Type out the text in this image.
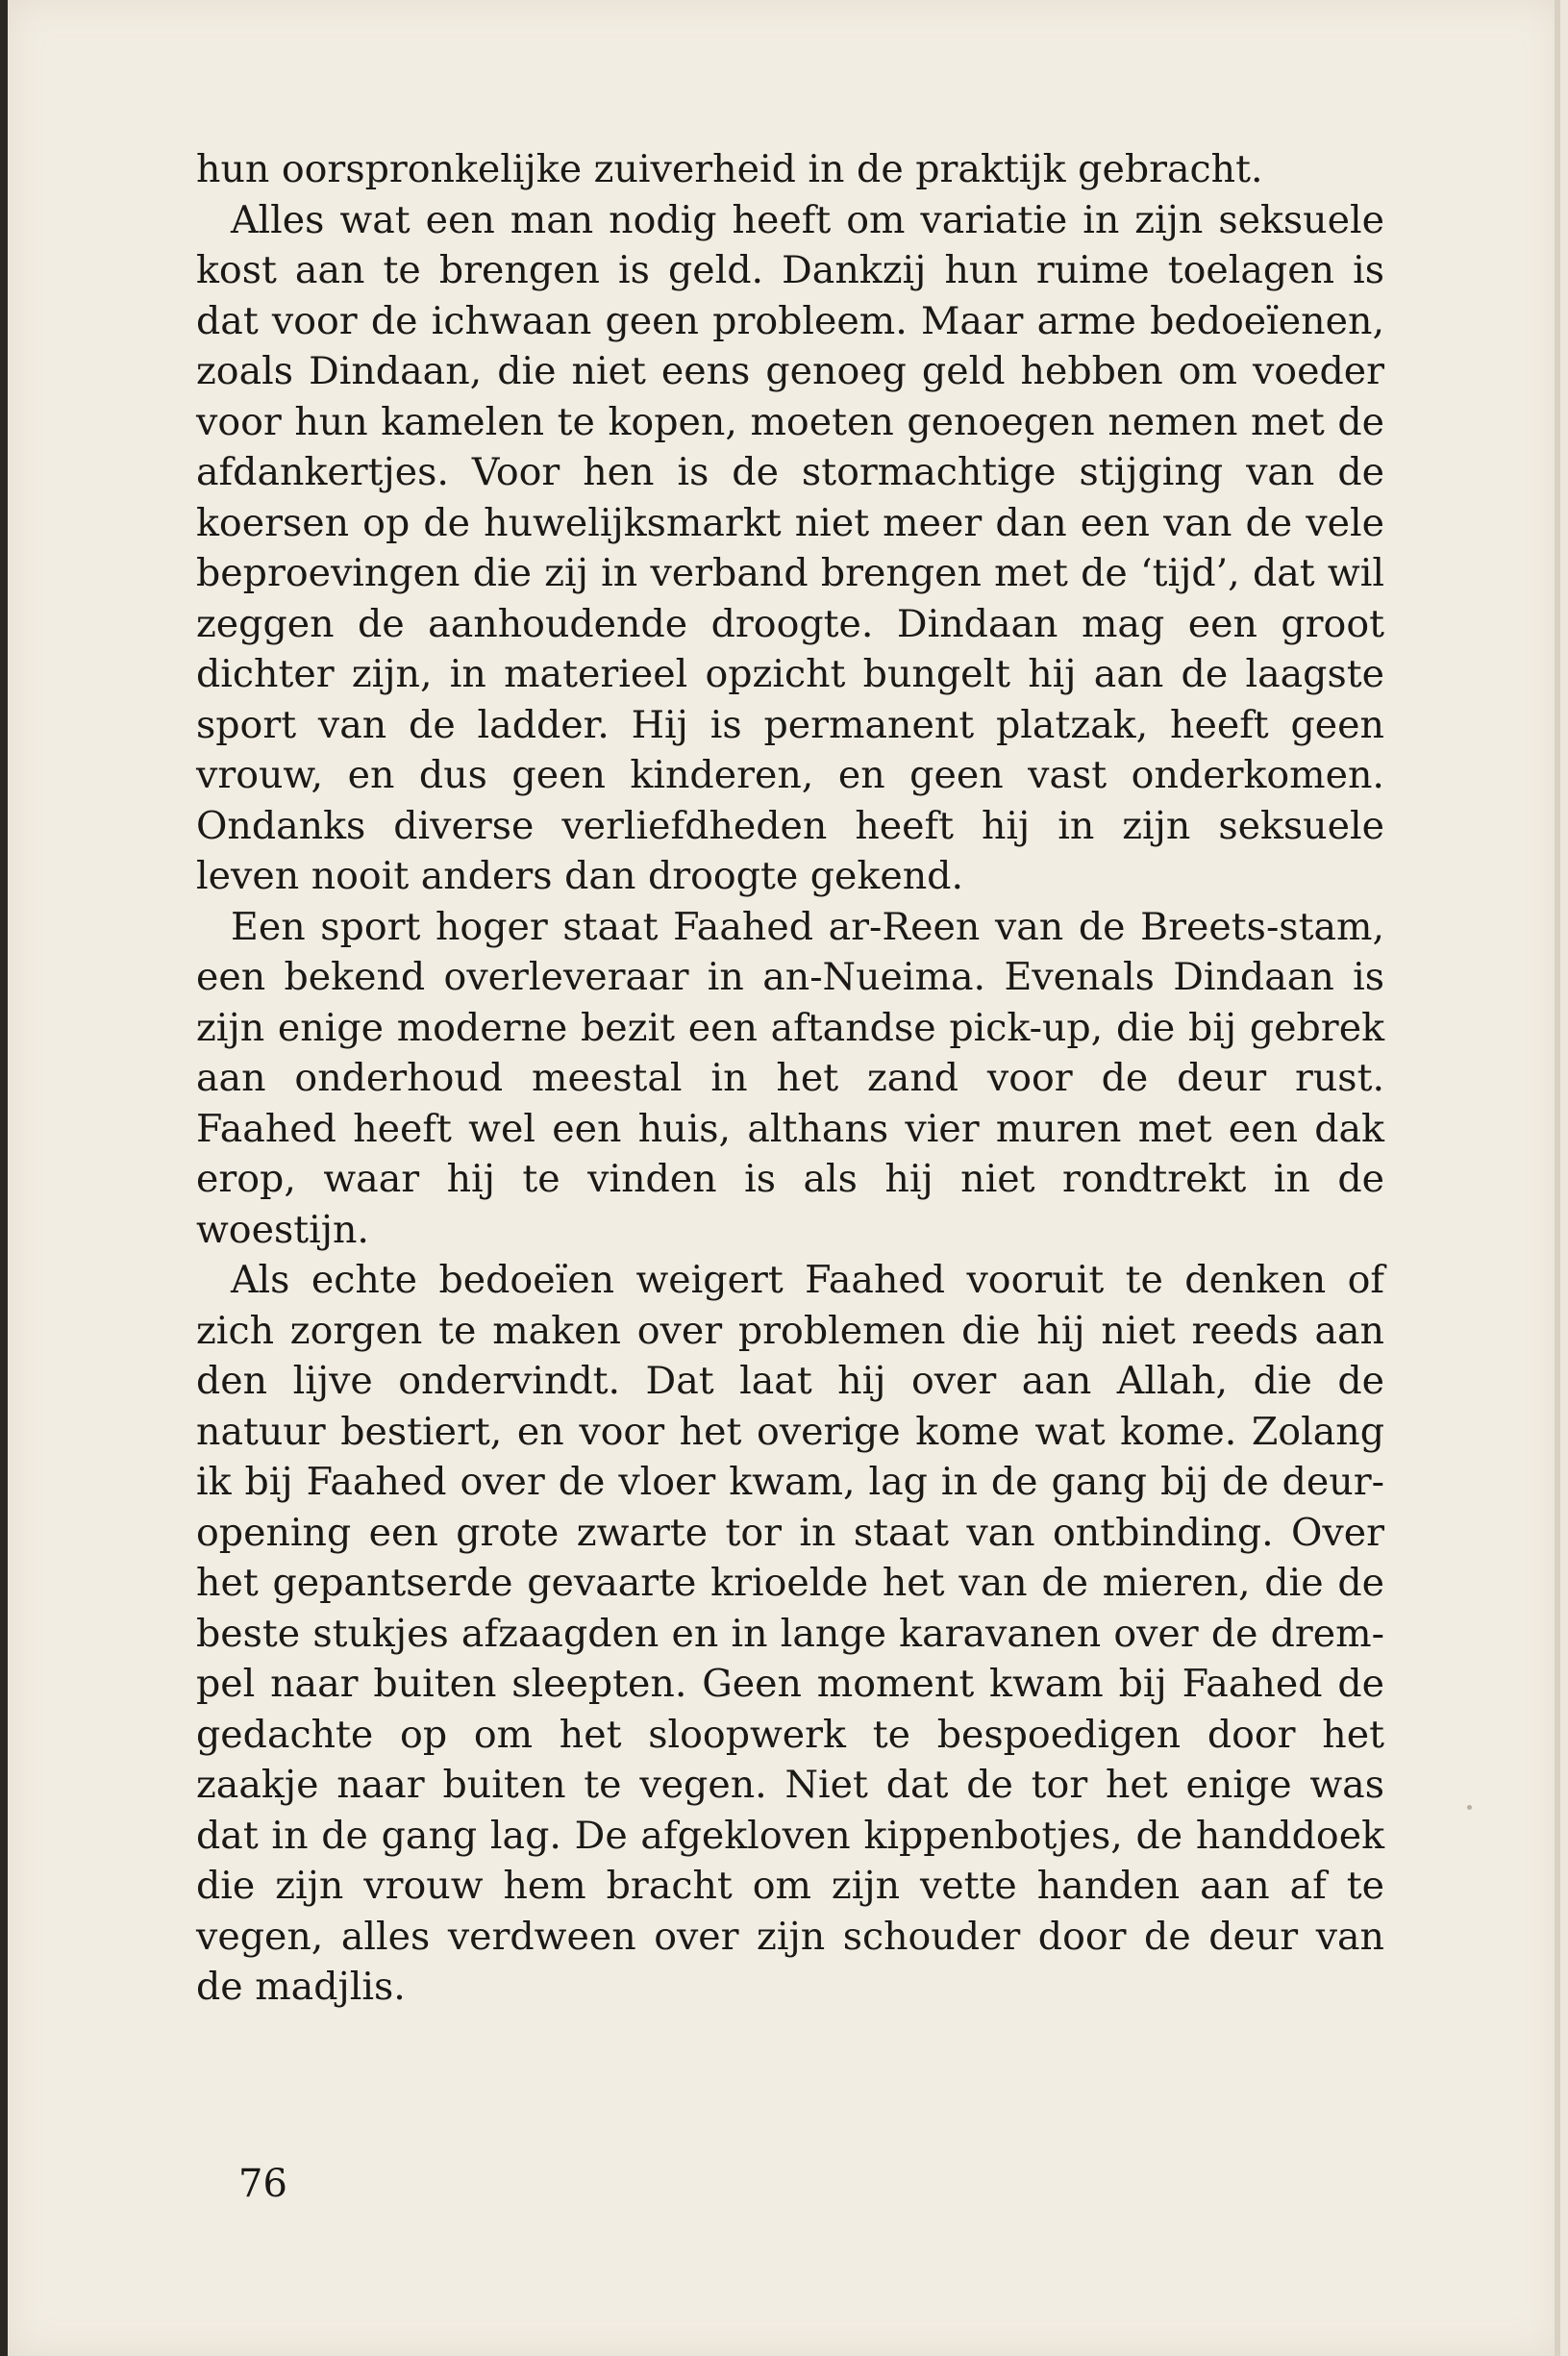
hun oorspronkelijke zuiverheid in de praktijk gebracht.

Alles wat een man nodig heeft om variatie in zijn seksuele kost aan te brengen is geld. Dankzij hun ruime toelagen is dat voor de ichwaan geen probleem. Maar arme bedoeïenen, zoals Dindaan, die niet eens genoeg geld hebben om voeder voor hun kamelen te kopen, moeten genoegen nemen met de afdankertjes. Voor hen is de stormachtige stijging van de koersen op de huwelijksmarkt niet meer dan een van de vele beproevingen die zij in verband brengen met de ‘tijd’, dat wil zeggen de aanhoudende droogte. Dindaan mag een groot dichter zijn, in materieel opzicht bungelt hij aan de laagste sport van de ladder. Hij is permanent platzak, heeft geen vrouw, en dus geen kinderen, en geen vast onderkomen. Ondanks diverse verliefdheden heeft hij in zijn seksuele leven nooit anders dan droogte gekend.

Een sport hoger staat Faahed ar-Reen van de Breets-stam, een bekend overleveraar in an-Nueima. Evenals Dindaan is zijn enige moderne bezit een aftandse pick-up, die bij gebrek aan onderhoud meestal in het zand voor de deur rust. Faahed heeft wel een huis, althans vier muren met een dak erop, waar hij te vinden is als hij niet rondtrekt in de woestijn.

Als echte bedoeïen weigert Faahed vooruit te denken of zich zorgen te maken over problemen die hij niet reeds aan den lijve ondervindt. Dat laat hij over aan Allah, die de natuur bestiert, en voor het overige kome wat kome. Zolang ik bij Faahed over de vloer kwam, lag in de gang bij de deuropening een grote zwarte tor in staat van ontbinding. Over het gepantserde gevaarte krioelde het van de mieren, die de beste stukjes afzaagden en in lange karavanen over de drempel naar buiten sleepten. Geen moment kwam bij Faahed de gedachte op om het sloopwerk te bespoedigen door het zaakje naar buiten te vegen. Niet dat de tor het enige was dat in de gang lag. De afgekloven kippenbotjes, de handdoek die zijn vrouw hem bracht om zijn vette handen aan af te vegen, alles verdween over zijn schouder door de deur van de madjlis.

76
